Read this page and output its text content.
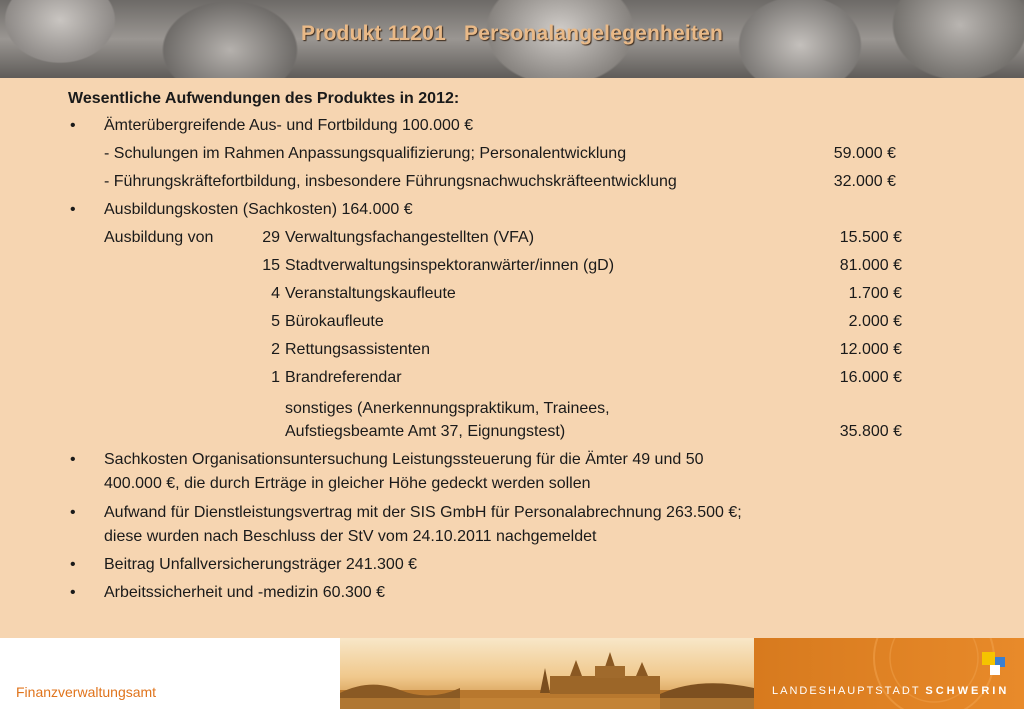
Produkt 11201   Personalangelegenheiten
Wesentliche Aufwendungen des Produktes in 2012:
• Ämterübergreifende Aus- und Fortbildung 100.000 €
- Schulungen im Rahmen Anpassungsqualifizierung; Personalentwicklung	59.000 €
- Führungskräftefortbildung, insbesondere Führungsnachwuchskräfteentwicklung	32.000 €
• Ausbildungskosten (Sachkosten) 164.000 €
Ausbildung von	29 Verwaltungsfachangestellten (VFA)	15.500 €
15 Stadtverwaltungsinspektoranwärter/innen (gD)	81.000 €
4 Veranstaltungskaufleute	1.700 €
5 Bürokaufleute	2.000 €
2 Rettungsassistenten	12.000 €
1 Brandreferendar	16.000 €
sonstiges (Anerkennungspraktikum, Trainees,
Aufstiegsbeamte Amt 37, Eignungstest)	35.800 €
• Sachkosten Organisationsuntersuchung Leistungssteuerung für die Ämter 49 und 50
400.000 €, die durch Erträge in gleicher Höhe gedeckt werden sollen
• Aufwand für Dienstleistungsvertrag mit der SIS GmbH für Personalabrechnung 263.500 €;
diese wurden nach Beschluss der StV vom 24.10.2011 nachgemeldet
• Beitrag Unfallversicherungsträger 241.300 €
• Arbeitssicherheit und -medizin 60.300 €
Finanzverwaltungsamt	LANDESHAUPTSTADT SCHWERIN
